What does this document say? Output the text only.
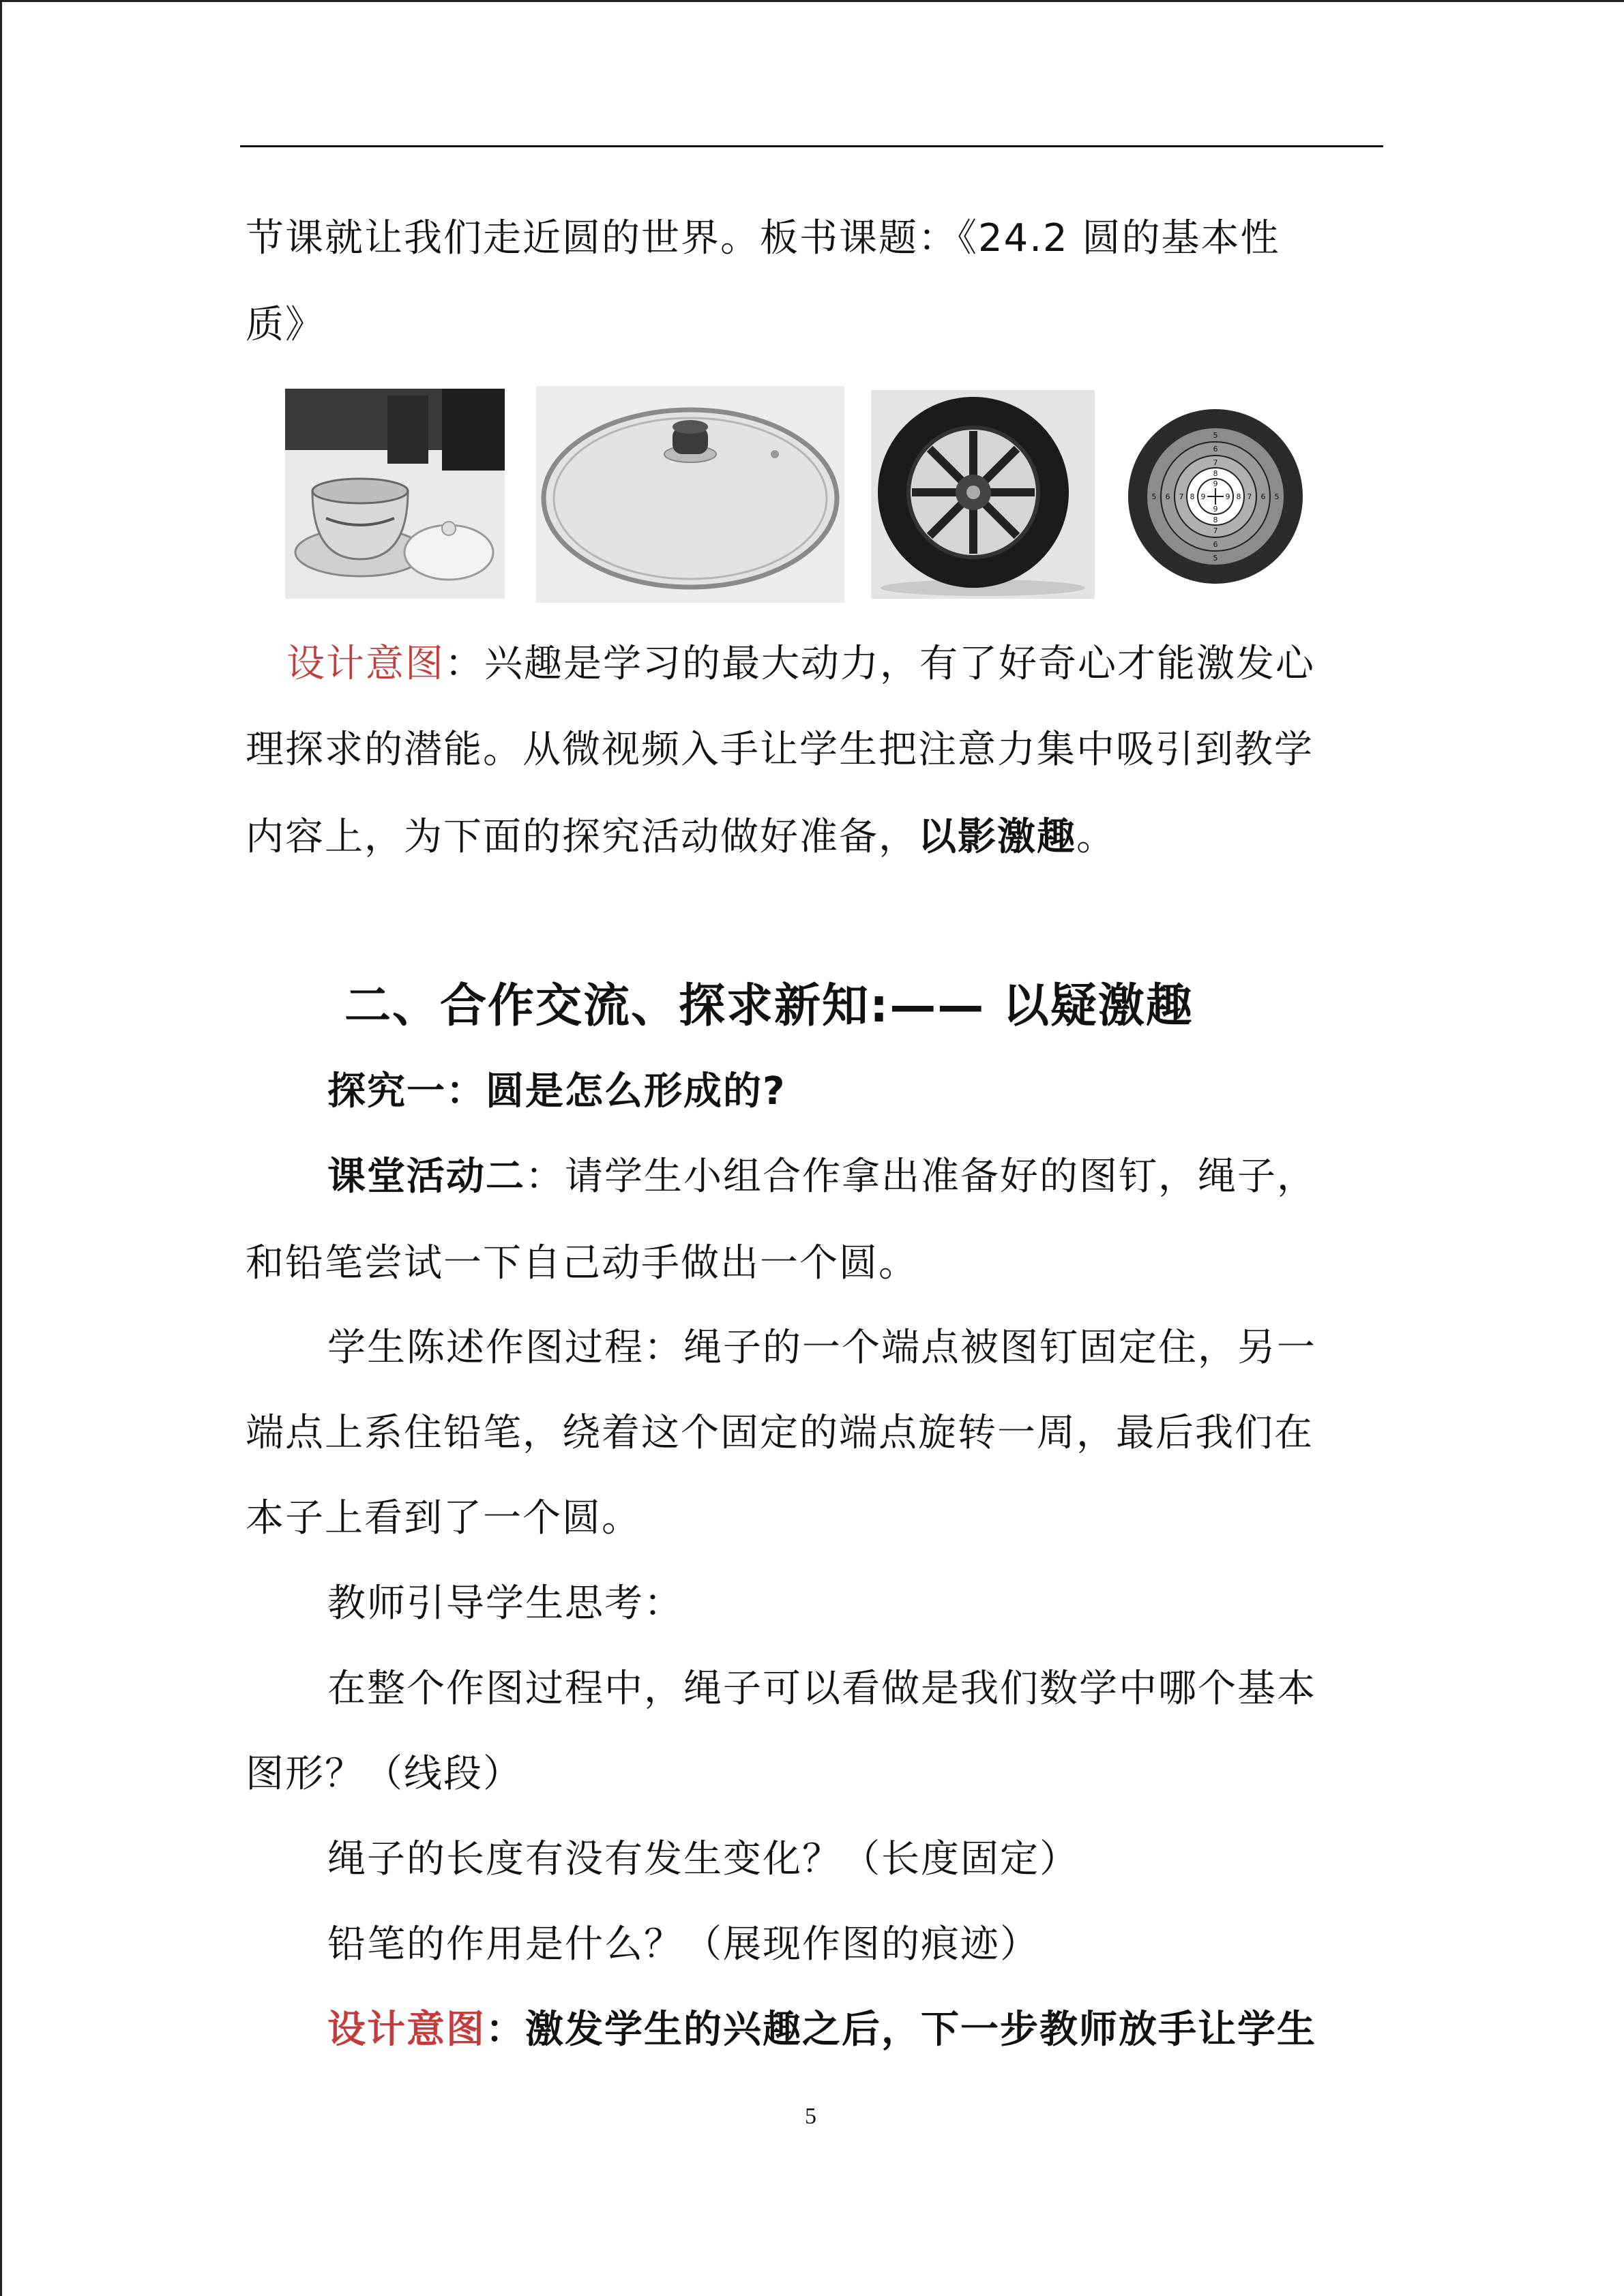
节课就让我们走近圆的世界。板书课题：《24.2 圆的基本性
质》
5
6
7
8
9
5 6 7 8 9	9 8 7 6 5
9
8
7
6
5
设计意图：兴趣是学习的最大动力，有了好奇心才能激发心
理探求的潜能。从微视频入手让学生把注意力集中吸引到教学
内容上，为下面的探究活动做好准备，以影激趣。
二、合作交流、探求新知:—— 以疑激趣
探究一：圆是怎么形成的?
课堂活动二：请学生小组合作拿出准备好的图钉，绳子，
和铅笔尝试一下自己动手做出一个圆。
学生陈述作图过程：绳子的一个端点被图钉固定住，另一
端点上系住铅笔，绕着这个固定的端点旋转一周，最后我们在
本子上看到了一个圆。
教师引导学生思考：
在整个作图过程中，绳子可以看做是我们数学中哪个基本
图形？（线段）
绳子的长度有没有发生变化？（长度固定）
铅笔的作用是什么？（展现作图的痕迹）
设计意图：激发学生的兴趣之后，下一步教师放手让学生
5
